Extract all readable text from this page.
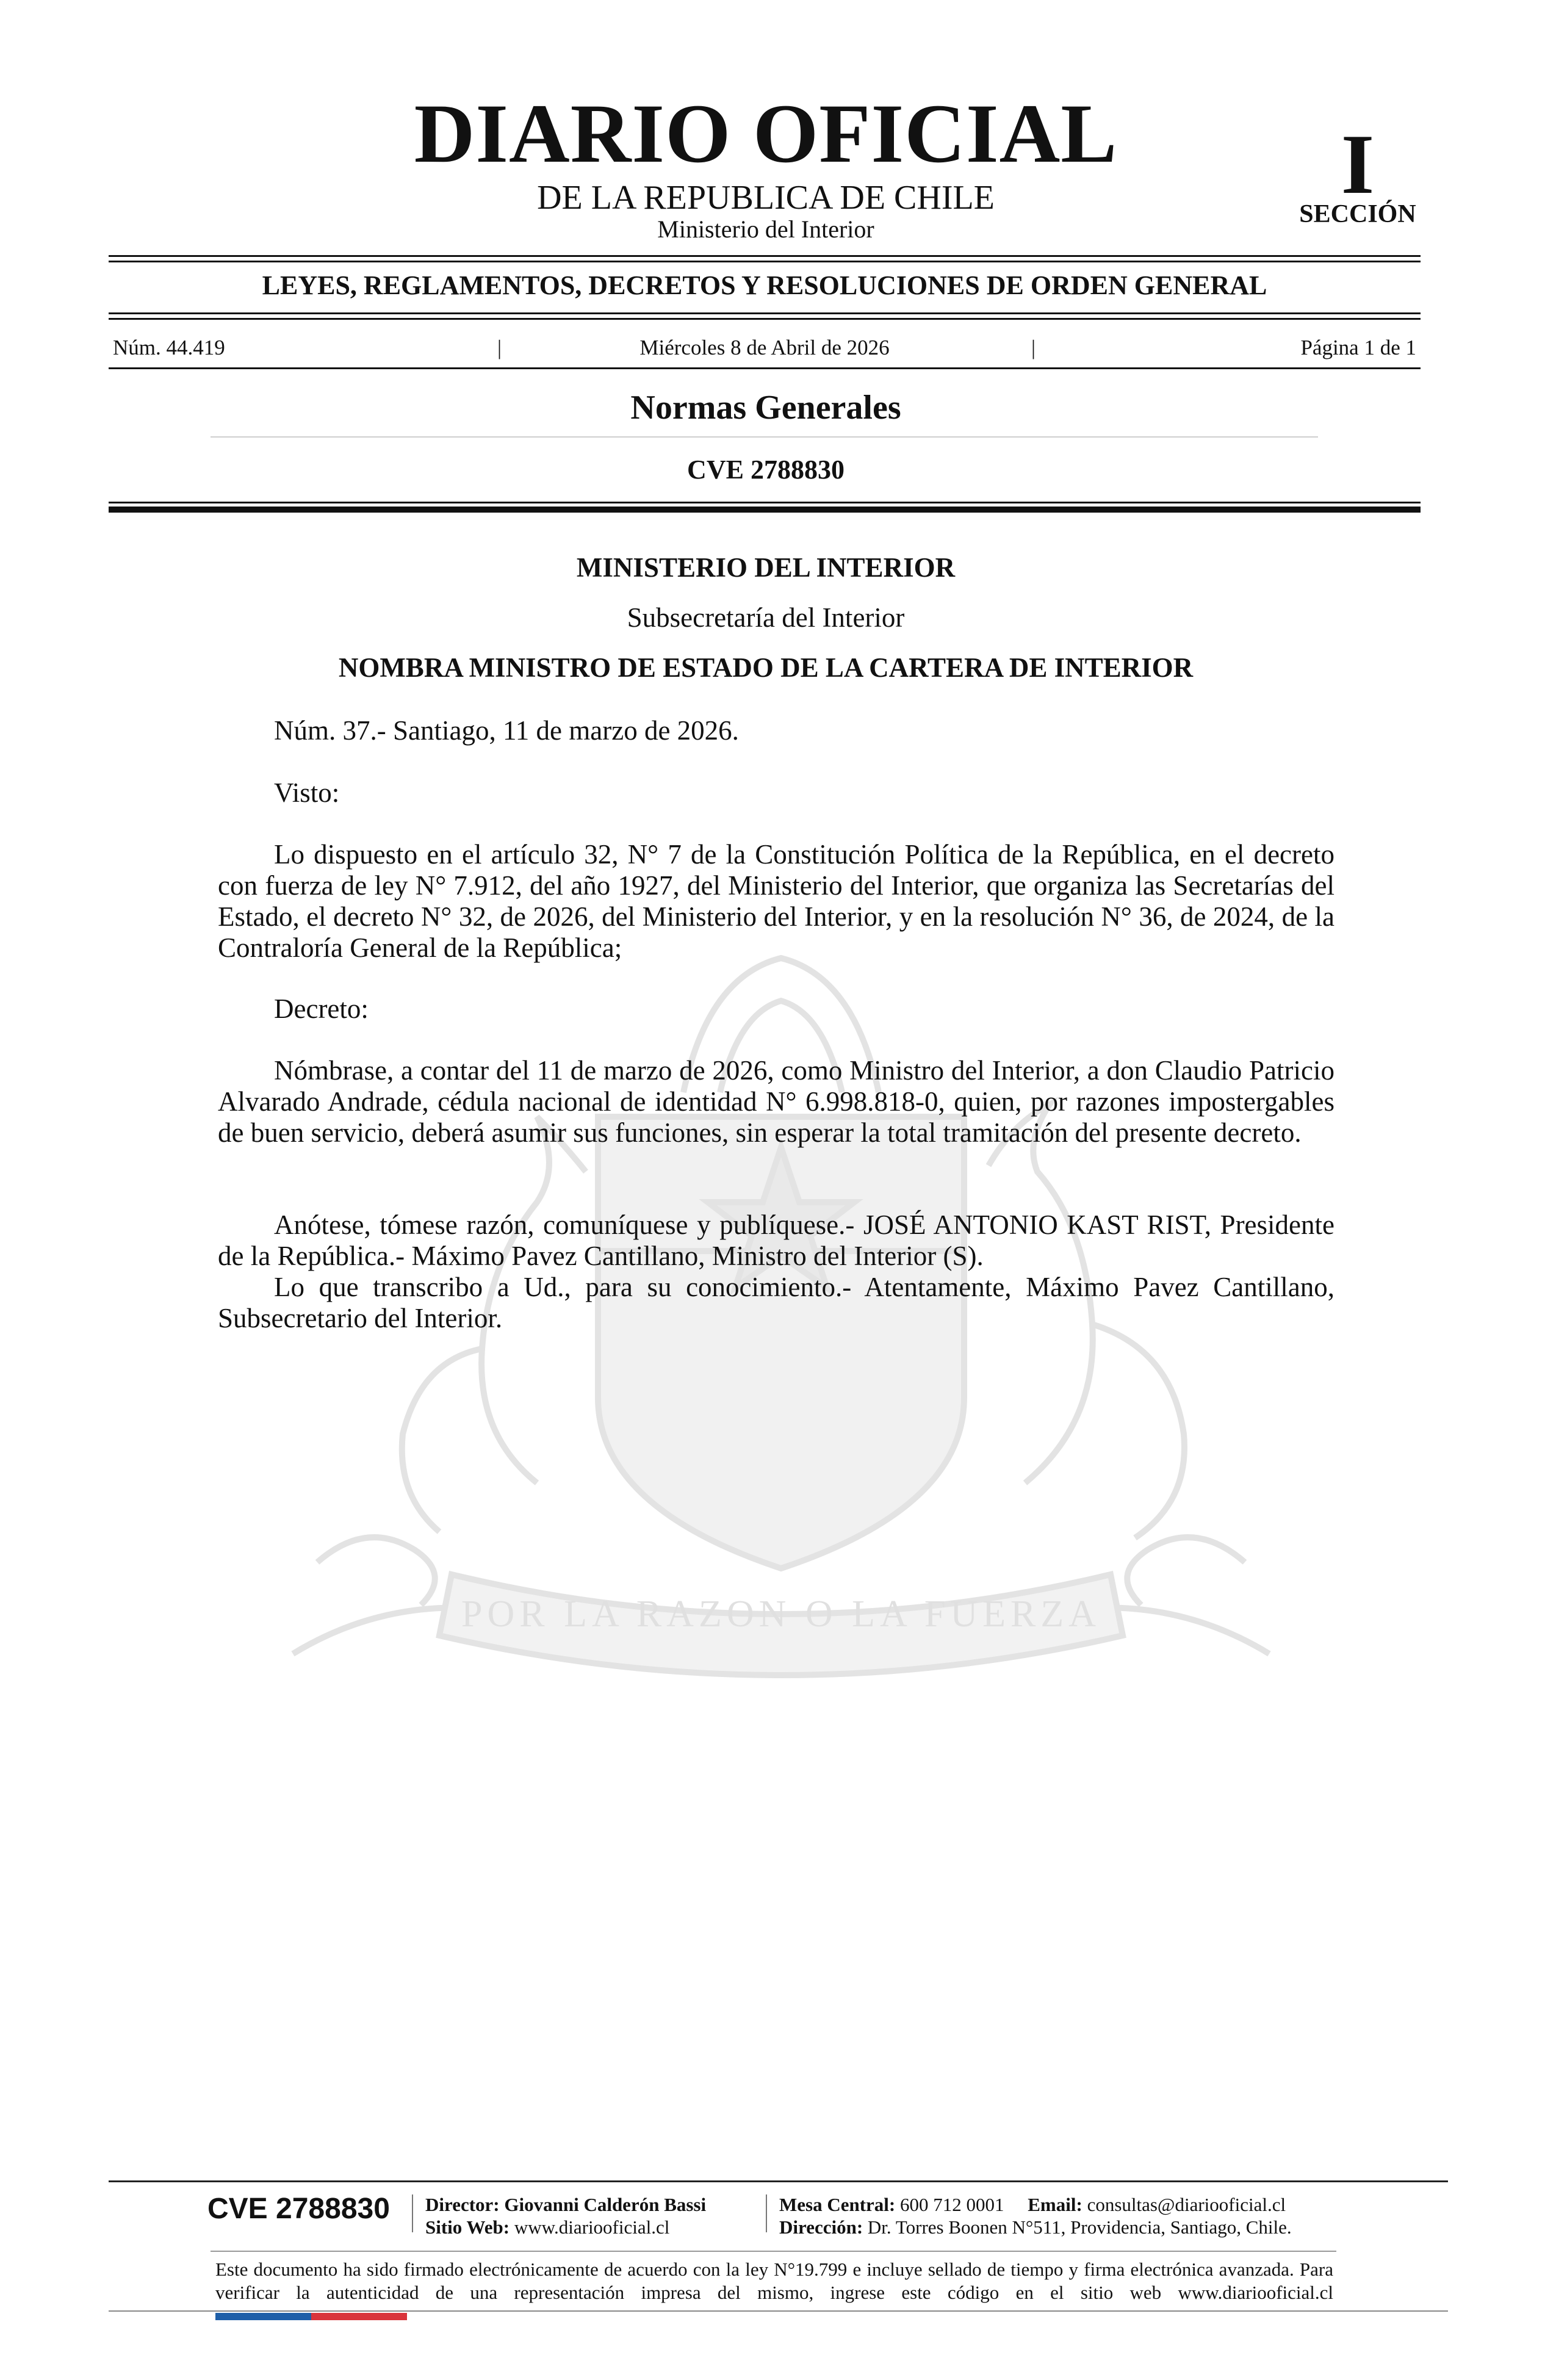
POR LA RAZON O LA FUERZA
DIARIO OFICIAL
DE LA REPUBLICA DE CHILE
Ministerio del Interior
I
SECCIÓN
LEYES, REGLAMENTOS, DECRETOS Y RESOLUCIONES DE ORDEN GENERAL
Miércoles 8 de Abril de 2026
Núm. 44.419	|	|	Página 1 de 1
Normas Generales
CVE 2788830
MINISTERIO DEL INTERIOR
Subsecretaría del Interior
NOMBRA MINISTRO DE ESTADO DE LA CARTERA DE INTERIOR

Núm. 37.- Santiago, 11 de marzo de 2026.

Visto:

Lo dispuesto en el artículo 32, N° 7 de la Constitución Política de la República, en el decreto con fuerza de ley N° 7.912, del año 1927, del Ministerio del Interior, que organiza las Secretarías del Estado, el decreto N° 32, de 2026, del Ministerio del Interior, y en la resolución N° 36, de 2024, de la Contraloría General de la República;

Decreto:

Nómbrase, a contar del 11 de marzo de 2026, como Ministro del Interior, a don Claudio Patricio Alvarado Andrade, cédula nacional de identidad N° 6.998.818-0, quien, por razones impostergables de buen servicio, deberá asumir sus funciones, sin esperar la total tramitación del presente decreto.

Anótese, tómese razón, comuníquese y publíquese.- JOSÉ ANTONIO KAST RIST, Presidente de la República.- Máximo Pavez Cantillano, Ministro del Interior (S).

Lo que transcribo a Ud., para su conocimiento.- Atentamente, Máximo Pavez Cantillano, Subsecretario del Interior.

CVE 2788830 Director: Giovanni Calderón Bassi
Sitio Web: www.diariooficial.cl
Mesa Central: 600 712 0001 Email: consultas@diariooficial.cl
Dirección: Dr. Torres Boonen N°511, Providencia, Santiago, Chile.
Este documento ha sido firmado electrónicamente de acuerdo con la ley N°19.799 e incluye sellado de tiempo y firma electrónica avanzada. Para verificar la autenticidad de una representación impresa del mismo, ingrese este código en el sitio web www.diariooficial.cl
